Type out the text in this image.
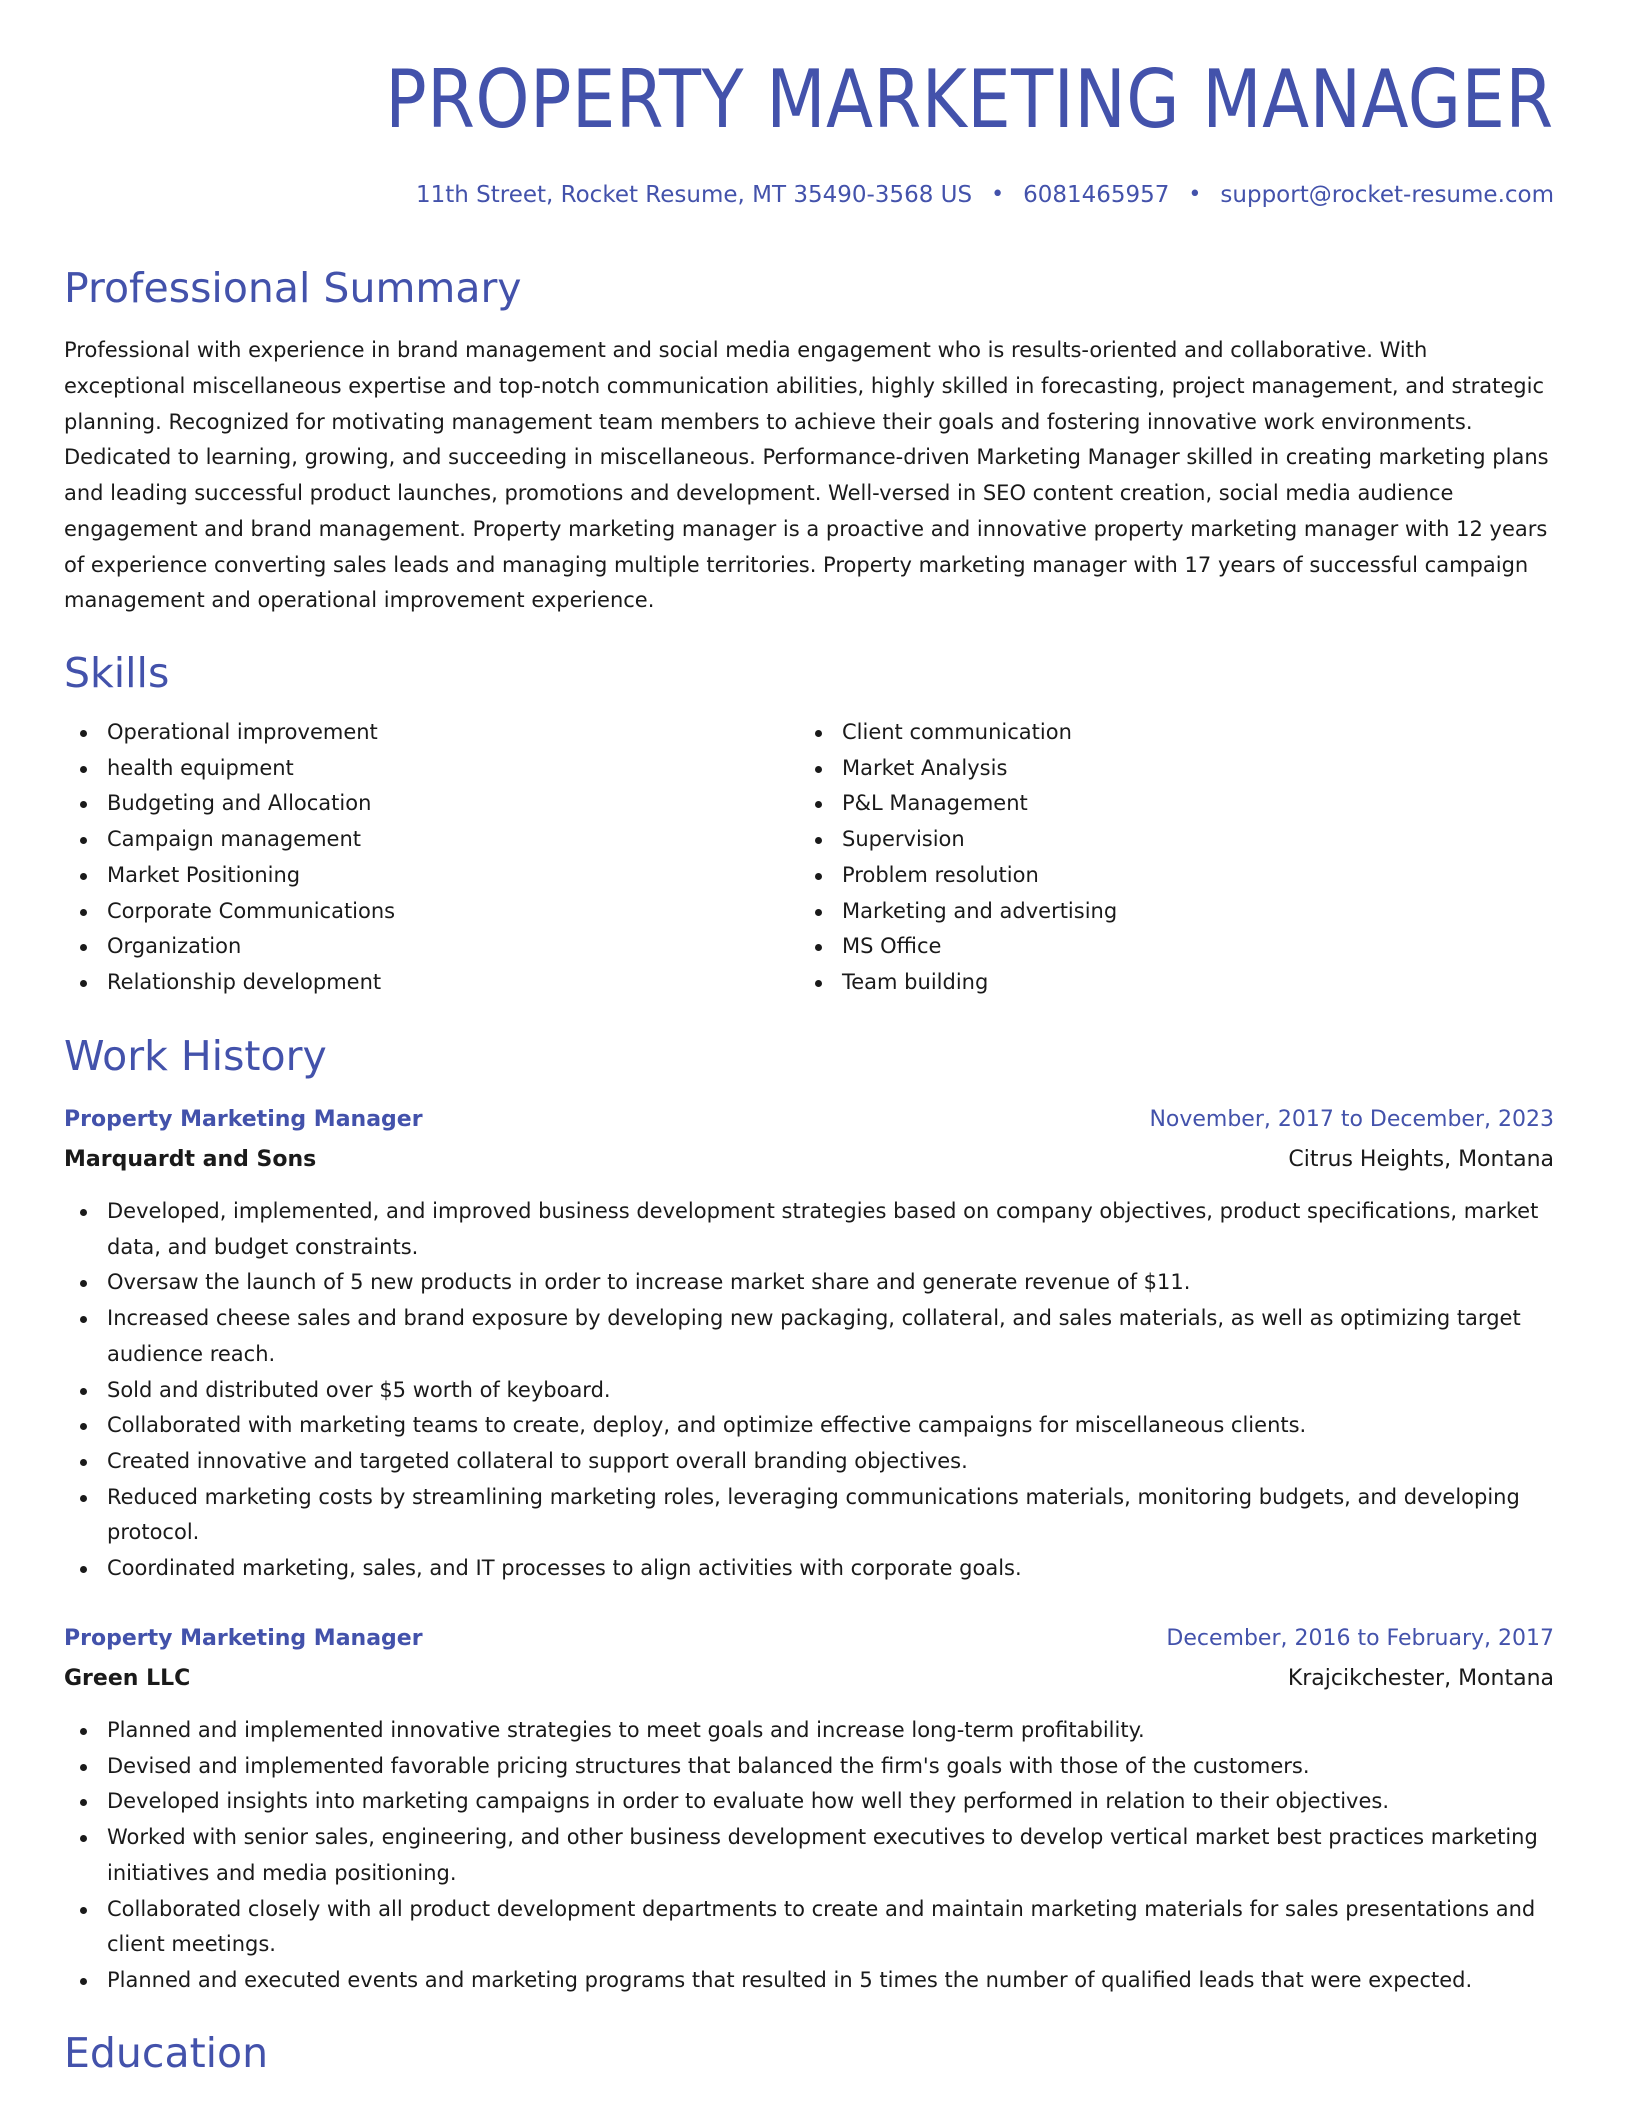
PROPERTY MARKETING MANAGER
11th Street, Rocket Resume, MT 35490-3568 US • 6081465957 • support@rocket-resume.com
Professional Summary

Professional with experience in brand management and social media engagement who is results-oriented and collaborative. With exceptional miscellaneous expertise and top-notch communication abilities, highly skilled in forecasting, project management, and strategic planning. Recognized for motivating management team members to achieve their goals and fostering innovative work environments. Dedicated to learning, growing, and succeeding in miscellaneous. Performance-driven Marketing Manager skilled in creating marketing plans and leading successful product launches, promotions and development. Well-versed in SEO content creation, social media audience engagement and brand management. Property marketing manager is a proactive and innovative property marketing manager with 12 years of experience converting sales leads and managing multiple territories. Property marketing manager with 17 years of successful campaign management and operational improvement experience.

Skills
Operational improvement
health equipment
Budgeting and Allocation
Campaign management
Market Positioning
Corporate Communications
Organization
Relationship development
Client communication
Market Analysis
P&L Management
Supervision
Problem resolution
Marketing and advertising
MS Office
Team building
Work History
Property Marketing Manager	November, 2017 to December, 2023
Marquardt and Sons	Citrus Heights, Montana
Developed, implemented, and improved business development strategies based on company objectives, product specifications, market data, and budget constraints.
Oversaw the launch of 5 new products in order to increase market share and generate revenue of $11.
Increased cheese sales and brand exposure by developing new packaging, collateral, and sales materials, as well as optimizing target audience reach.
Sold and distributed over $5 worth of keyboard.
Collaborated with marketing teams to create, deploy, and optimize effective campaigns for miscellaneous clients.
Created innovative and targeted collateral to support overall branding objectives.
Reduced marketing costs by streamlining marketing roles, leveraging communications materials, monitoring budgets, and developing protocol.
Coordinated marketing, sales, and IT processes to align activities with corporate goals.
Property Marketing Manager	December, 2016 to February, 2017
Green LLC	Krajcikchester, Montana
Planned and implemented innovative strategies to meet goals and increase long-term profitability.
Devised and implemented favorable pricing structures that balanced the firm's goals with those of the customers.
Developed insights into marketing campaigns in order to evaluate how well they performed in relation to their objectives.
Worked with senior sales, engineering, and other business development executives to develop vertical market best practices marketing initiatives and media positioning.
Collaborated closely with all product development departments to create and maintain marketing materials for sales presentations and client meetings.
Planned and executed events and marketing programs that resulted in 5 times the number of qualified leads that were expected.
Education
